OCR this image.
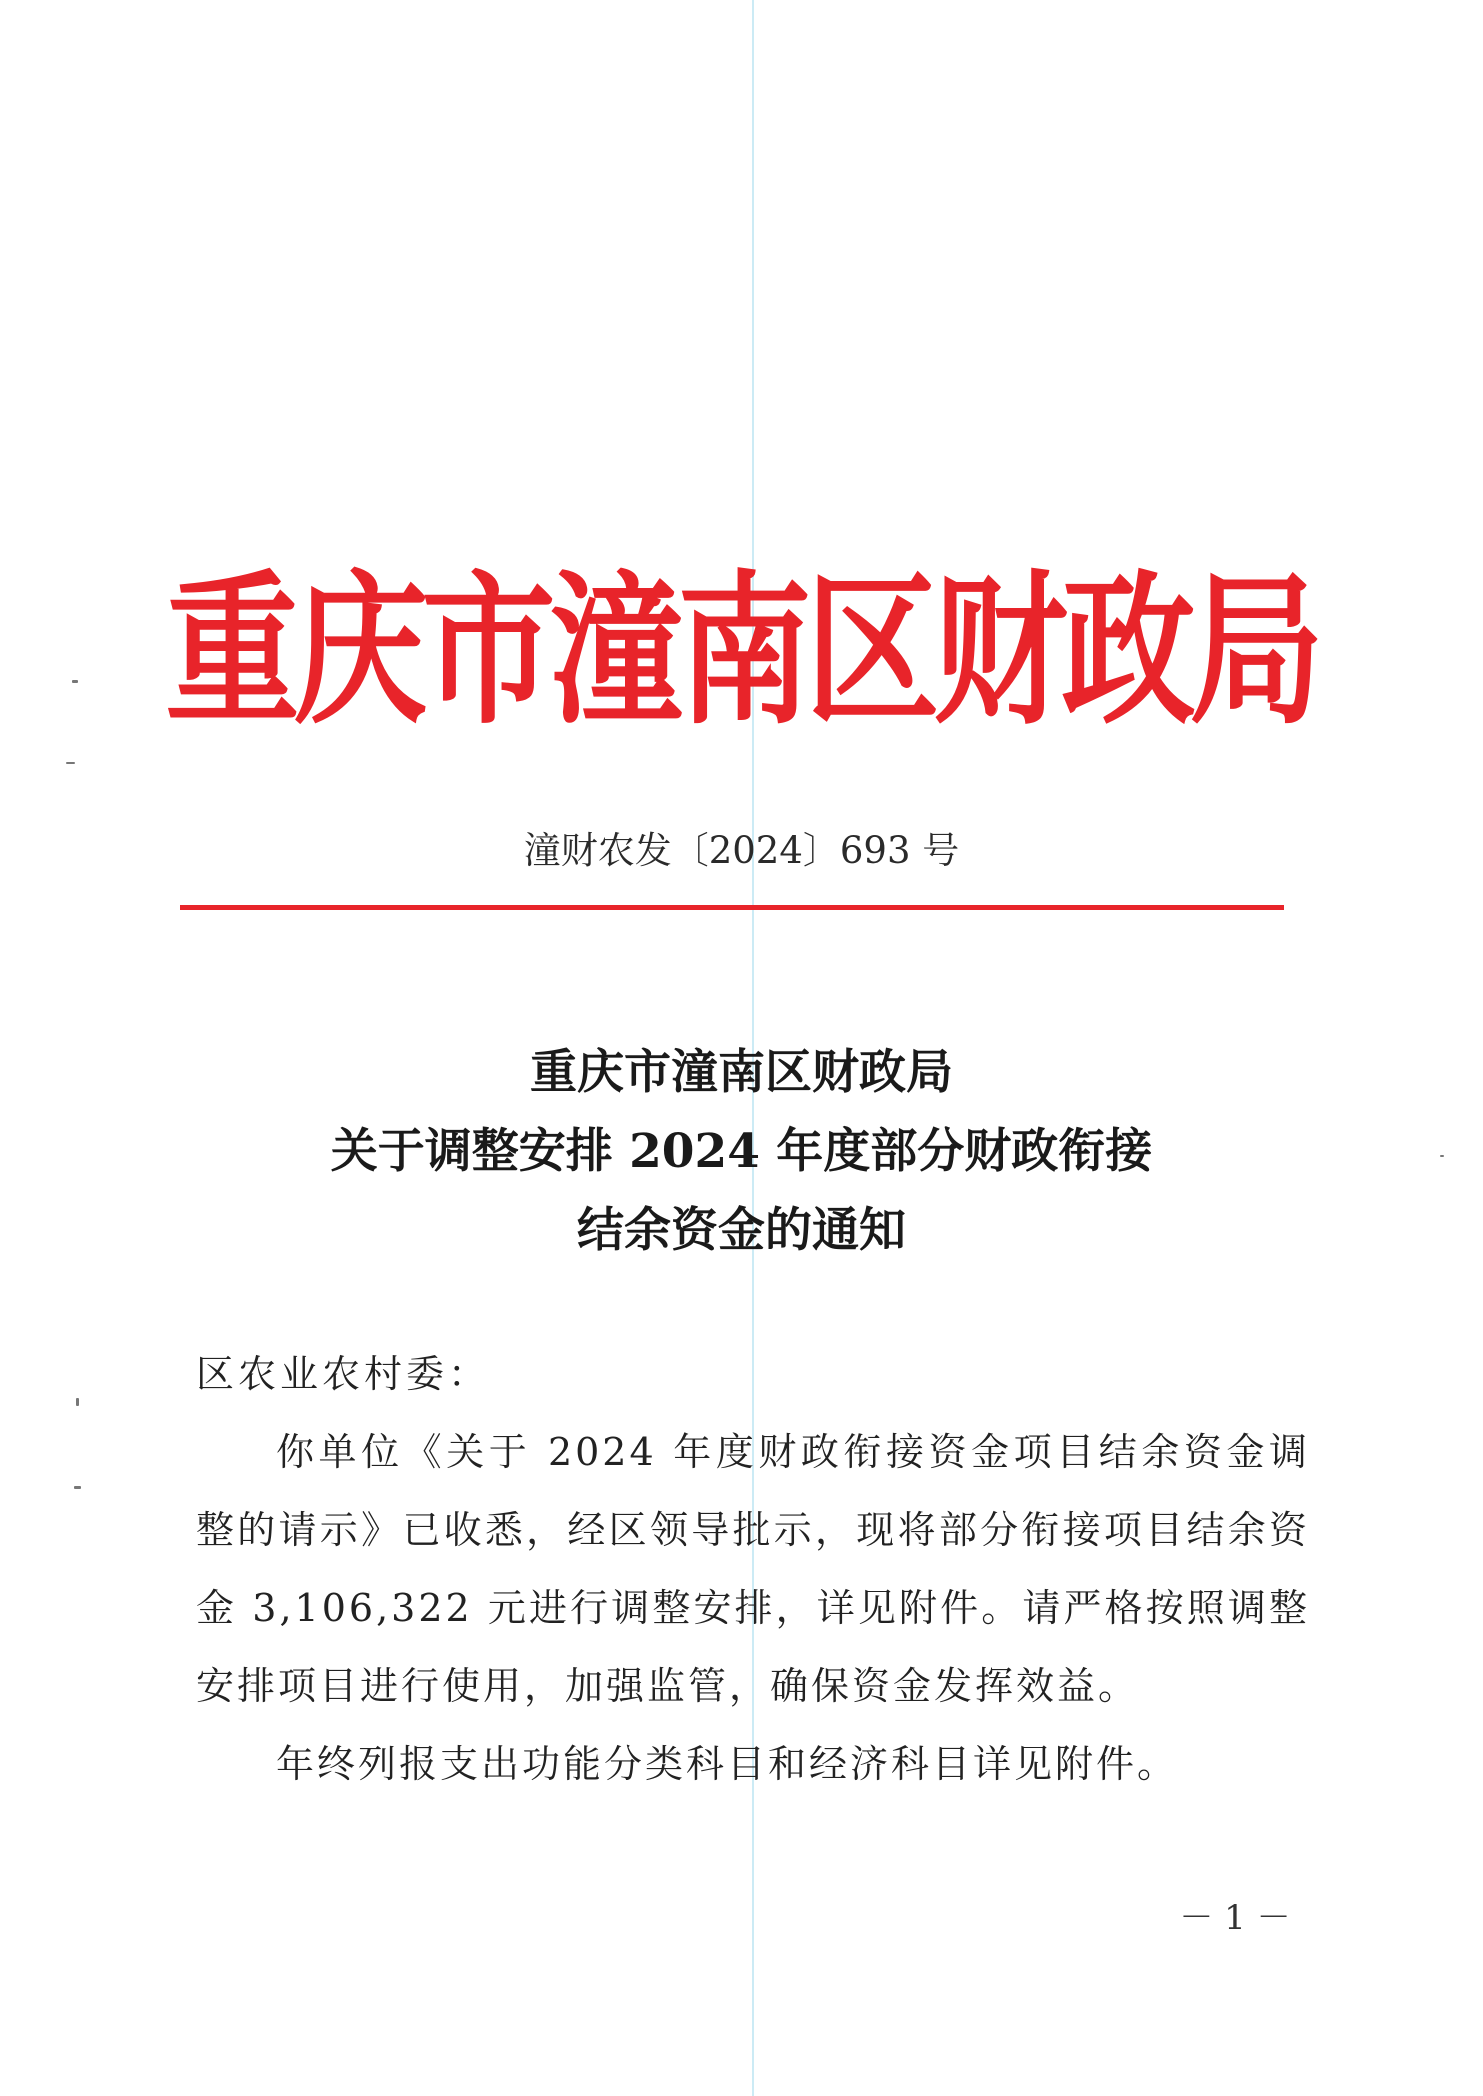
重庆市潼南区财政局
潼财农发〔2024〕693 号
重庆市潼南区财政局
关于调整安排 2024 年度部分财政衔接
结余资金的通知
区农业农村委：
你单位《关于 2024 年度财政衔接资金项目结余资金调整的请示》已收悉，经区领导批示，现将部分衔接项目结余资金 3,106,322 元进行调整安排，详见附件。请严格按照调整安排项目进行使用，加强监管，确保资金发挥效益。
年终列报支出功能分类科目和经济科目详见附件。
－ 1 －
